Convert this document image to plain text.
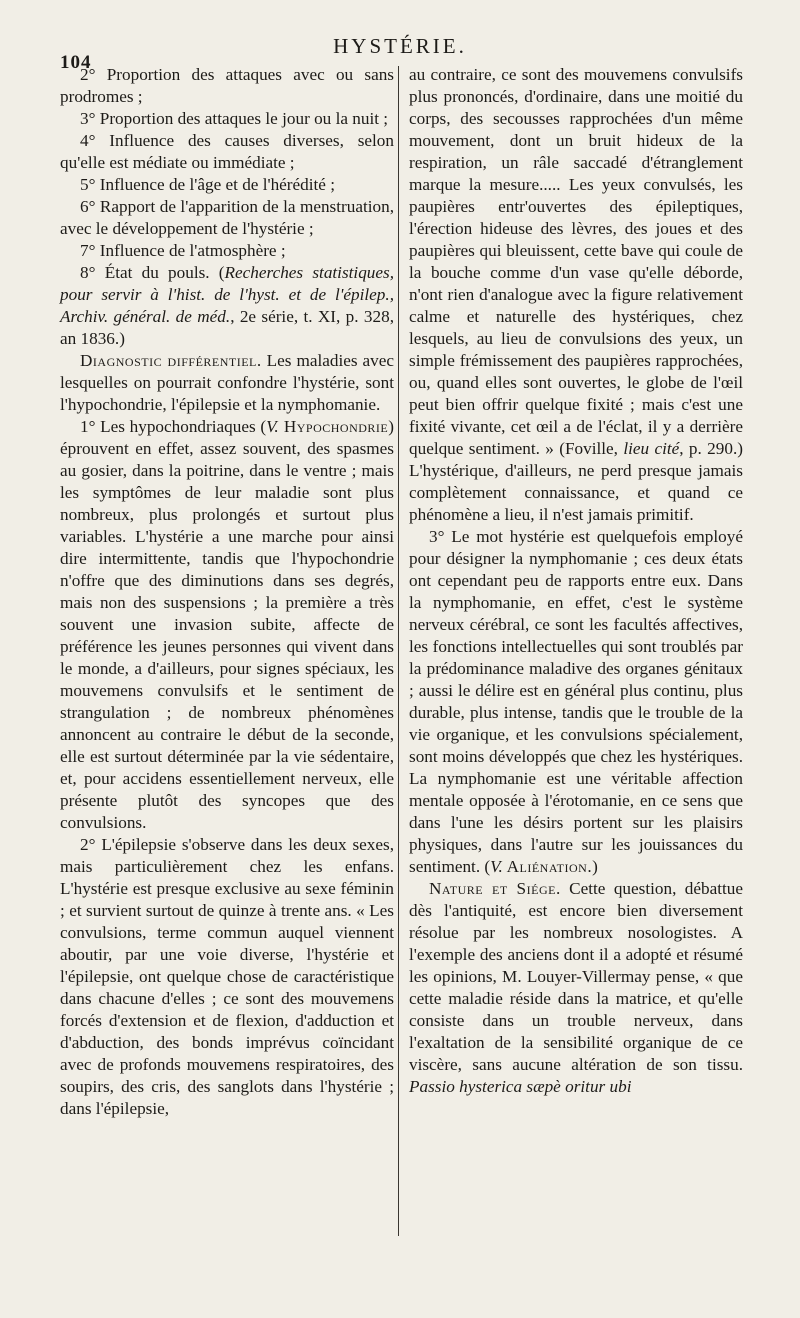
104
HYSTÉRIE.

2° Proportion des attaques avec ou sans prodromes ;

3° Proportion des attaques le jour ou la nuit ;

4° Influence des causes diverses, selon qu'elle est médiate ou immédiate ;

5° Influence de l'âge et de l'hérédité ;

6° Rapport de l'apparition de la menstruation, avec le développement de l'hystérie ;

7° Influence de l'atmosphère ;

8° État du pouls. (Recherches statistiques, pour servir à l'hist. de l'hyst. et de l'épilep., Archiv. général. de méd., 2e série, t. XI, p. 328, an 1836.)

Diagnostic différentiel. Les maladies avec lesquelles on pourrait confondre l'hystérie, sont l'hypochondrie, l'épilepsie et la nymphomanie.

1° Les hypochondriaques (V. Hypochondrie) éprouvent en effet, assez souvent, des spasmes au gosier, dans la poitrine, dans le ventre ; mais les symptômes de leur maladie sont plus nombreux, plus prolongés et surtout plus variables. L'hystérie a une marche pour ainsi dire intermittente, tandis que l'hypochondrie n'offre que des diminutions dans ses degrés, mais non des suspensions ; la première a très souvent une invasion subite, affecte de préférence les jeunes personnes qui vivent dans le monde, a d'ailleurs, pour signes spéciaux, les mouvemens convulsifs et le sentiment de strangulation ; de nombreux phénomènes annoncent au contraire le début de la seconde, elle est surtout déterminée par la vie sédentaire, et, pour accidens essentiellement nerveux, elle présente plutôt des syncopes que des convulsions.

2° L'épilepsie s'observe dans les deux sexes, mais particulièrement chez les enfans. L'hystérie est presque exclusive au sexe féminin ; et survient surtout de quinze à trente ans. « Les convulsions, terme commun auquel viennent aboutir, par une voie diverse, l'hystérie et l'épilepsie, ont quelque chose de caractéristique dans chacune d'elles ; ce sont des mouvemens forcés d'extension et de flexion, d'adduction et d'abduction, des bonds imprévus coïncidant avec de profonds mouvemens respiratoires, des soupirs, des cris, des sanglots dans l'hystérie ; dans l'épilepsie,

au contraire, ce sont des mouvemens convulsifs plus prononcés, d'ordinaire, dans une moitié du corps, des secousses rapprochées d'un même mouvement, dont un bruit hideux de la respiration, un râle saccadé d'étranglement marque la mesure..... Les yeux convulsés, les paupières entr'ouvertes des épileptiques, l'érection hideuse des lèvres, des joues et des paupières qui bleuissent, cette bave qui coule de la bouche comme d'un vase qu'elle déborde, n'ont rien d'analogue avec la figure relativement calme et naturelle des hystériques, chez lesquels, au lieu de convulsions des yeux, un simple frémissement des paupières rapprochées, ou, quand elles sont ouvertes, le globe de l'œil peut bien offrir quelque fixité ; mais c'est une fixité vivante, cet œil a de l'éclat, il y a derrière quelque sentiment. » (Foville, lieu cité, p. 290.) L'hystérique, d'ailleurs, ne perd presque jamais complètement connaissance, et quand ce phénomène a lieu, il n'est jamais primitif.

3° Le mot hystérie est quelquefois employé pour désigner la nymphomanie ; ces deux états ont cependant peu de rapports entre eux. Dans la nymphomanie, en effet, c'est le système nerveux cérébral, ce sont les facultés affectives, les fonctions intellectuelles qui sont troublés par la prédominance maladive des organes génitaux ; aussi le délire est en général plus continu, plus durable, plus intense, tandis que le trouble de la vie organique, et les convulsions spécialement, sont moins développés que chez les hystériques. La nymphomanie est une véritable affection mentale opposée à l'érotomanie, en ce sens que dans l'une les désirs portent sur les plaisirs physiques, dans l'autre sur les jouissances du sentiment. (V. Aliénation.)

Nature et Siége. Cette question, débattue dès l'antiquité, est encore bien diversement résolue par les nombreux nosologistes. A l'exemple des anciens dont il a adopté et résumé les opinions, M. Louyer-Villermay pense, « que cette maladie réside dans la matrice, et qu'elle consiste dans un trouble nerveux, dans l'exaltation de la sensibilité organique de ce viscère, sans aucune altération de son tissu. Passio hysterica sæpè oritur ubi
